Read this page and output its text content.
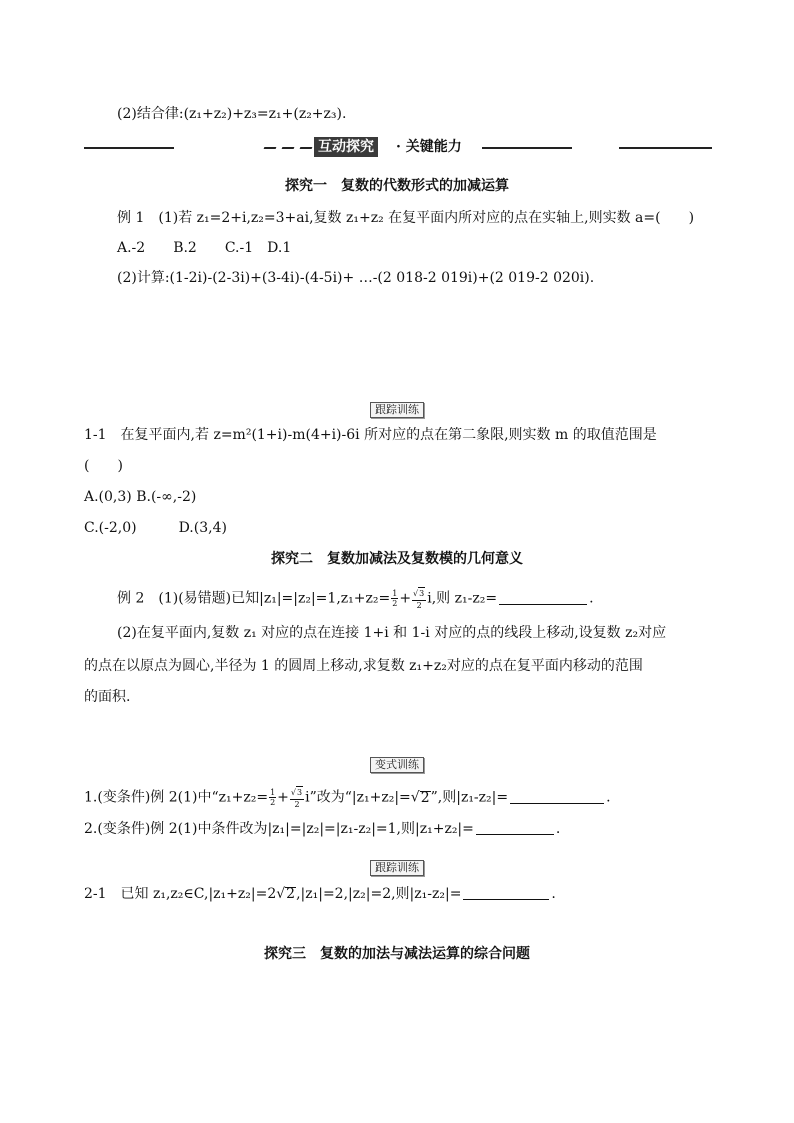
(2)结合律:(z₁+z₂)+z₃=z₁+(z₂+z₃).
互动探究 · 关键能力
探究一　复数的代数形式的加减运算
例 1　(1)若 z₁=2+i,z₂=3+ai,复数 z₁+z₂ 在复平面内所对应的点在实轴上,则实数 a=(　　)
A.-2　　B.2　　C.-1　D.1
(2)计算:(1-2i)-(2-3i)+(3-4i)-(4-5i)+ …-(2 018-2 019i)+(2 019-2 020i).
跟踪训练
1-1　在复平面内,若 z=m²(1+i)-m(4+i)-6i 所对应的点在第二象限,则实数 m 的取值范围是
(　　)
A.(0,3) B.(-∞,-2)
C.(-2,0)　　　D.(3,4)
探究二　复数加减法及复数模的几何意义
例 2　(1)(易错题)已知$|z_1|=|z_2|=1,z_1+z_2= \frac{1}{2} + \frac{√3}{2} i$,则 z₁-z₂=	.
(2)在复平面内,复数 z₁ 对应的点在连接 1+i 和 1-i 对应的点的线段上移动,设复数 z₂对应
的点在以原点为圆心,半径为 1 的圆周上移动,求复数 z₁+z₂对应的点在复平面内移动的范围
的面积.
变式训练
1.(变条件)例 2(1)中“$z_1+z_2= \frac{1}{2} + \frac{√3}{2} i$”改为“|z₁+z₂|=√2”,则|z₁-z₂|=	.
2.(变条件)例 2(1)中条件改为|z₁|=|z₂|=|z₁-z₂|=1,则|z₁+z₂|=	.
跟踪训练
2-1　已知 z₁,z₂∈C,|z₁+z₂|=2√2,|z₁|=2,|z₂|=2,则|z₁-z₂|=	.
探究三　复数的加法与减法运算的综合问题
